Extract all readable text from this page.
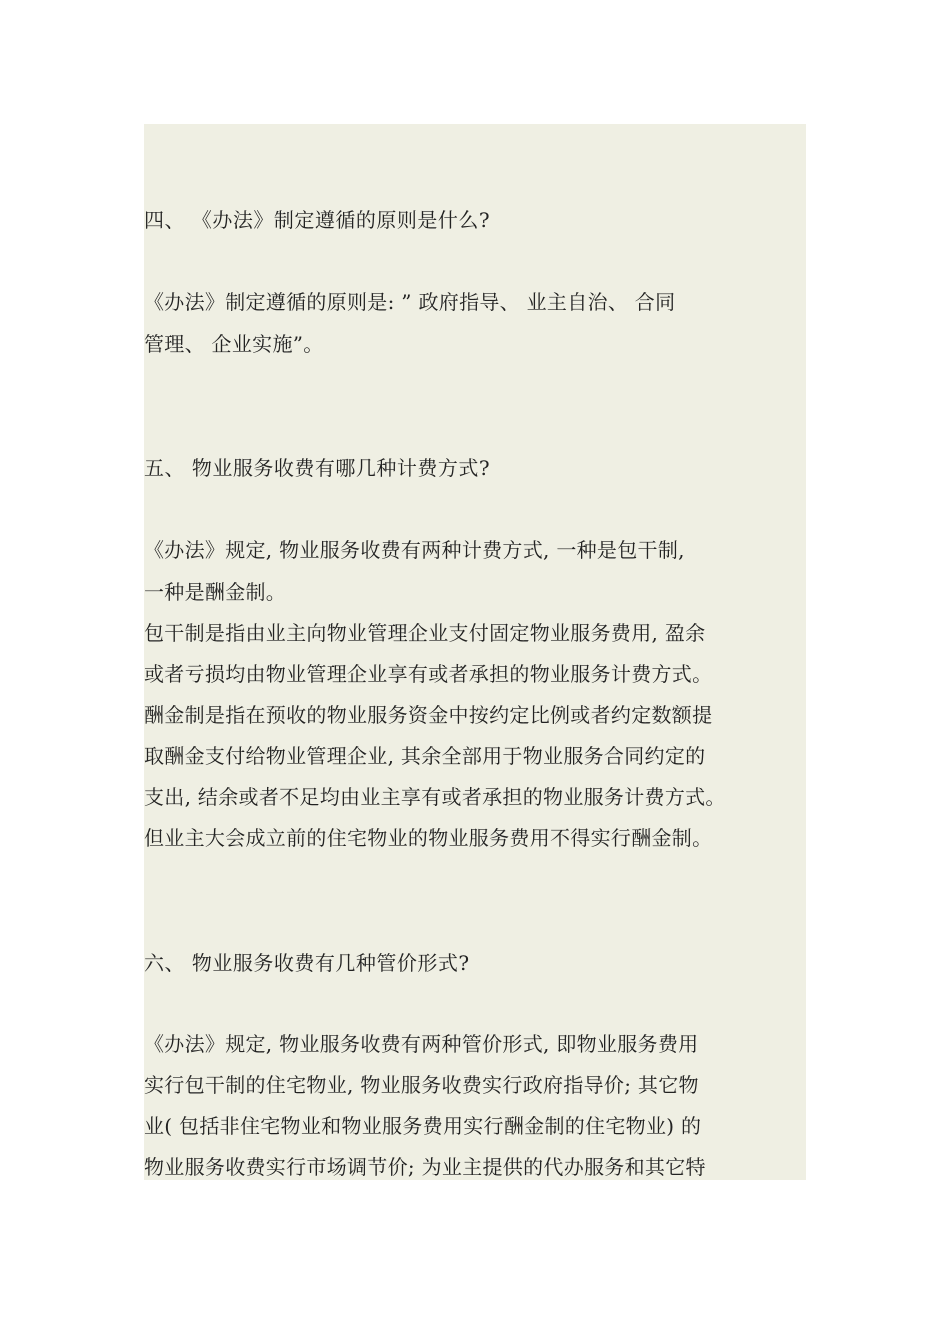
四、 《办法》制定遵循的原则是什么?
《办法》制定遵循的原则是: ” 政府指导、 业主自治、 合同
管理、 企业实施”。
五、 物业服务收费有哪几种计费方式?
《办法》规定, 物业服务收费有两种计费方式, 一种是包干制,
一种是酬金制。
包干制是指由业主向物业管理企业支付固定物业服务费用, 盈余
或者亏损均由物业管理企业享有或者承担的物业服务计费方式。
酬金制是指在预收的物业服务资金中按约定比例或者约定数额提
取酬金支付给物业管理企业, 其余全部用于物业服务合同约定的
支出, 结余或者不足均由业主享有或者承担的物业服务计费方式。
但业主大会成立前的住宅物业的物业服务费用不得实行酬金制。
六、 物业服务收费有几种管价形式?
《办法》规定, 物业服务收费有两种管价形式, 即物业服务费用
实行包干制的住宅物业, 物业服务收费实行政府指导价; 其它物
业( 包括非住宅物业和物业服务费用实行酬金制的住宅物业) 的
物业服务收费实行市场调节价; 为业主提供的代办服务和其它特
